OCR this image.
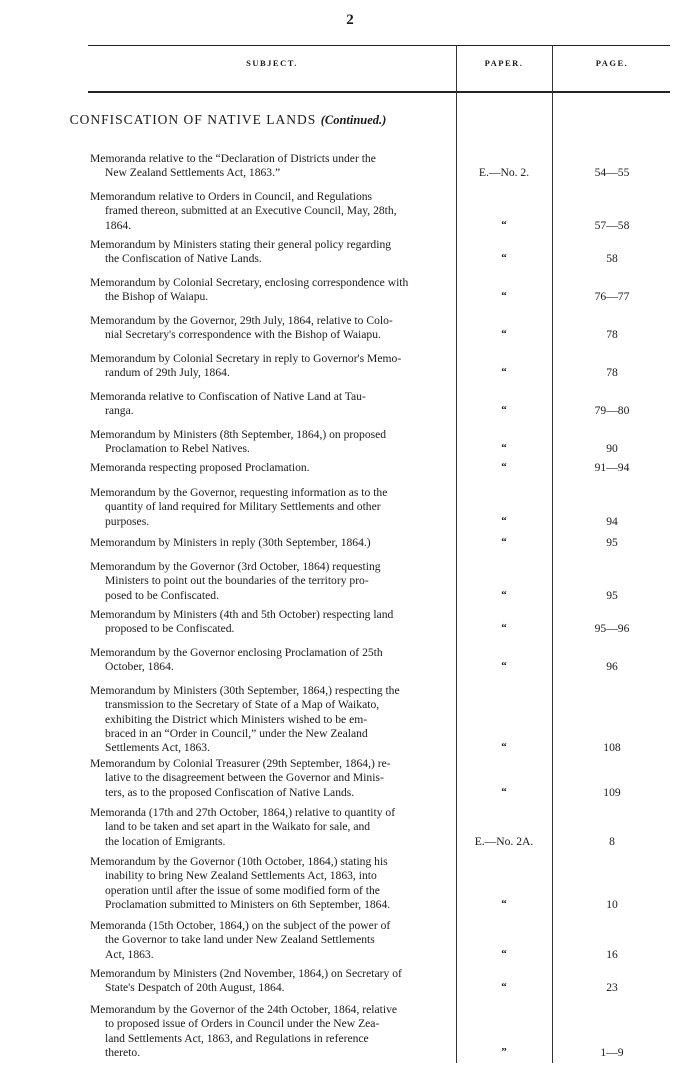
2
SUBJECT.	PAPER.	PAGE.
CONFISCATION OF NATIVE LANDS (Continued.)
Memoranda relative to the “Declaration of Districts under the
New Zealand Settlements Act, 1863.”	E.—No. 2.	54—55
Memorandum relative to Orders in Council, and Regulations
framed thereon, submitted at an Executive Council, May, 28th,
1864.	“	57—58
Memorandum by Ministers stating their general policy regarding
the Confiscation of Native Lands.	“	58
Memorandum by Colonial Secretary, enclosing correspondence with
the Bishop of Waiapu.	“	76—77
Memorandum by the Governor, 29th July, 1864, relative to Colo-
nial Secretary's correspondence with the Bishop of Waiapu.	“	78
Memorandum by Colonial Secretary in reply to Governor's Memo-
randum of 29th July, 1864.	“	78
Memoranda relative to Confiscation of Native Land at Tau-
ranga.	“	79—80
Memorandum by Ministers (8th September, 1864,) on proposed
Proclamation to Rebel Natives.	“	90
Memoranda respecting proposed Proclamation.	“	91—94
Memorandum by the Governor, requesting information as to the
quantity of land required for Military Settlements and other
purposes.	“	94
Memorandum by Ministers in reply (30th September, 1864.)	“	95
Memorandum by the Governor (3rd October, 1864) requesting
Ministers to point out the boundaries of the territory pro-
posed to be Confiscated.	“	95
Memorandum by Ministers (4th and 5th October) respecting land
proposed to be Confiscated.	“	95—96
Memorandum by the Governor enclosing Proclamation of 25th
October, 1864.	“	96
Memorandum by Ministers (30th September, 1864,) respecting the
transmission to the Secretary of State of a Map of Waikato,
exhibiting the District which Ministers wished to be em-
braced in an “Order in Council,” under the New Zealand
Settlements Act, 1863.	“	108
Memorandum by Colonial Treasurer (29th September, 1864,) re-
lative to the disagreement between the Governor and Minis-
ters, as to the proposed Confiscation of Native Lands.	“	109
Memoranda (17th and 27th October, 1864,) relative to quantity of
land to be taken and set apart in the Waikato for sale, and
the location of Emigrants.	E.—No. 2A.	8
Memorandum by the Governor (10th October, 1864,) stating his
inability to bring New Zealand Settlements Act, 1863, into
operation until after the issue of some modified form of the
Proclamation submitted to Ministers on 6th September, 1864.	“	10
Memoranda (15th October, 1864,) on the subject of the power of
the Governor to take land under New Zealand Settlements
Act, 1863.	“	16
Memorandum by Ministers (2nd November, 1864,) on Secretary of
State's Despatch of 20th August, 1864.	“	23
Memorandum by the Governor of the 24th October, 1864, relative
to proposed issue of Orders in Council under the New Zea-
land Settlements Act, 1863, and Regulations in reference
thereto.	”	1—9
